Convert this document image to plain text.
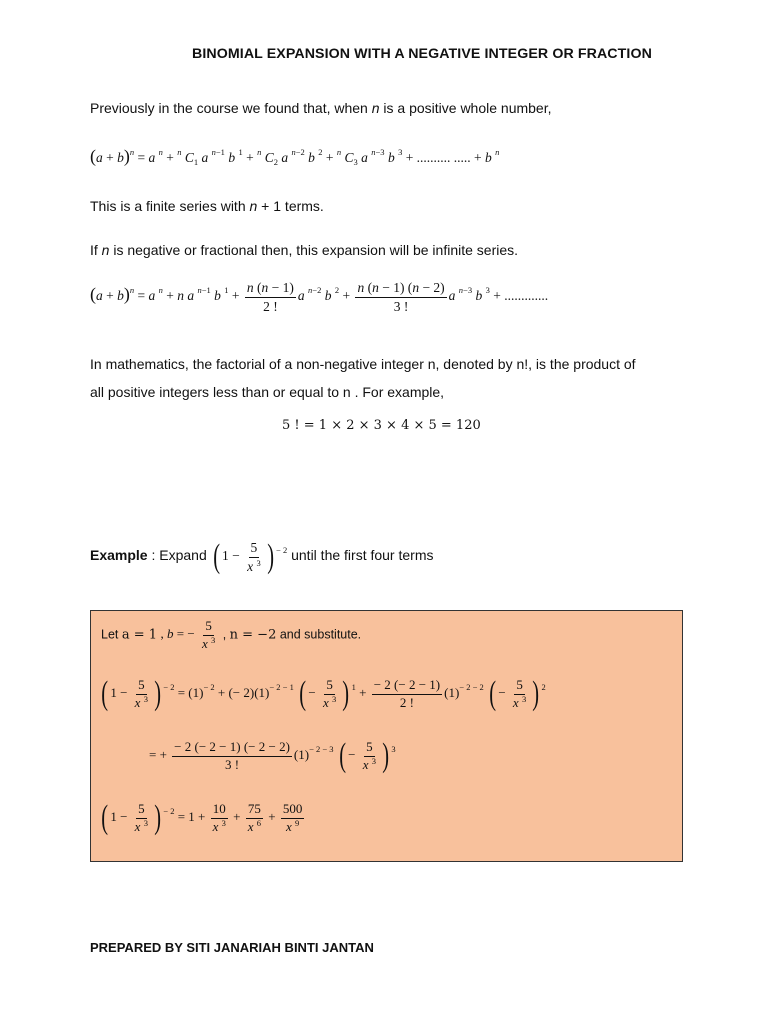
BINOMIAL EXPANSION WITH A NEGATIVE INTEGER OR FRACTION
Previously in the course we found that, when n is a positive whole number,
$(a + b)^n = a$ $^n$ + $^n$ $C_1$ a $^{n-1}$ b $^1$ + $^n$ $C_2$ a $^{n-2}$ b $^2$ + $^n$ $C_3$ a $^{n-3}$ b $^3$ + .......... ..... + b $^n$
This is a finite series with n + 1 terms.
If n is negative or fractional then, this expansion will be infinite series.
$(a + b)^n = a$ $^n$ + n a $^{n-1}$ b $^1 + \frac{n (n - 1)}{2 !}$ a $^{n-2}$ b $^2 + \frac{n (n - 1) (n - 2)}{3 !}$ a $^{n-3}$ b $^3$ + .............
In mathematics, the factorial of a non-negative integer n, denoted by n!, is the product of
all positive integers less than or equal to n . For example,
5 ! = 1 × 2 × 3 × 4 × 5 = 120
Example : Expand ( $1 - \frac{5}{x ^3}$ ) $^{- 2}$ until the first four terms
Let a = 1 , b = − $\frac{5}{x ^3}$ , n = −2 and substitute.
( $1 - \frac{5}{x ^3}$ ) $^{- 2} = (1)^{- 2}$ + (− $2)(1)^{- 2 - 1}$ ( − $\frac{5}{x ^3}$ ) $^1 + \frac{- 2 (- 2 - 1)}{2 !} (1)^{- 2 - 2}$ ( − $\frac{5}{x ^3}$ ) $^2$
= + $\frac{- 2 (- 2 - 1) (- 2 - 2)}{3 !} (1)^{- 2 - 3}$ ( − $\frac{5}{x ^3}$ ) $^3$
( $1 - \frac{5}{x ^3}$ ) $^{- 2} = 1 + \frac{10}{x ^3} + \frac{75}{x ^6} + \frac{500}{x ^9}$
PREPARED BY SITI JANARIAH BINTI JANTAN
